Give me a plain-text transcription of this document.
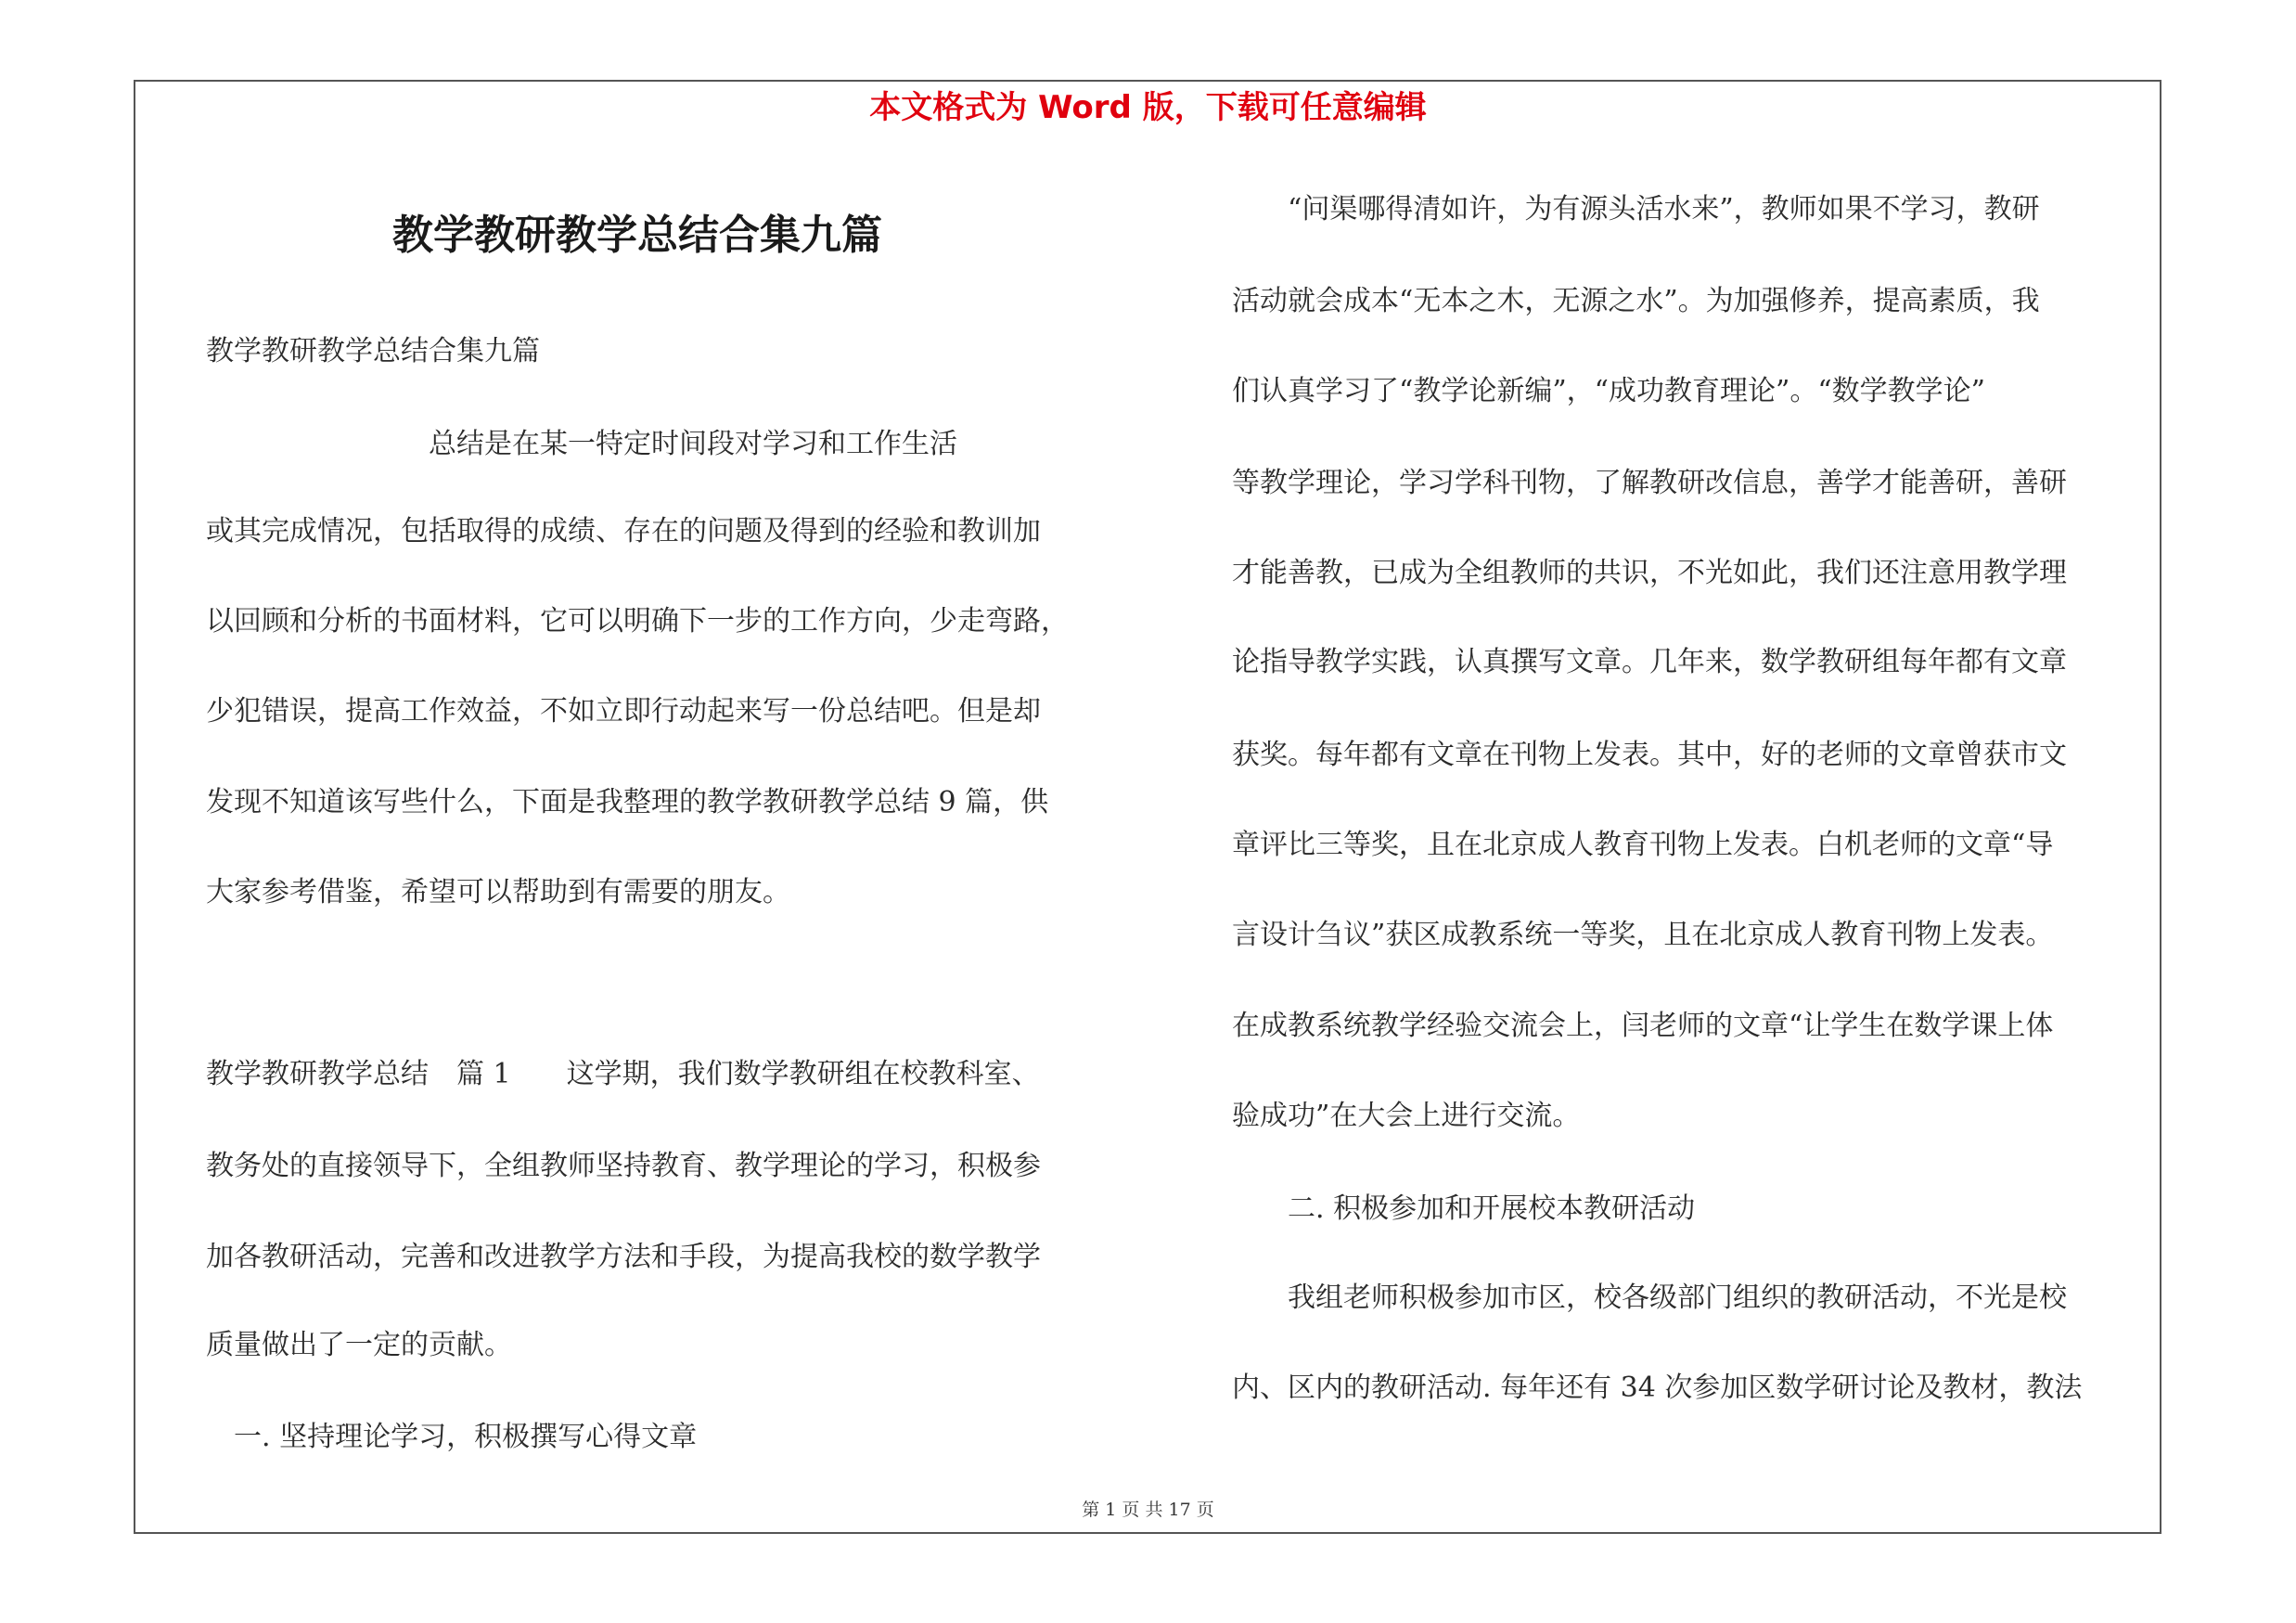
本文格式为 Word 版，下载可任意编辑
教学教研教学总结合集九篇
教学教研教学总结合集九篇
　　　　　　　　总结是在某一特定时间段对学习和工作生活
或其完成情况，包括取得的成绩、存在的问题及得到的经验和教训加
以回顾和分析的书面材料，它可以明确下一步的工作方向，少走弯路，
少犯错误，提高工作效益，不如立即行动起来写一份总结吧。但是却
发现不知道该写些什么，下面是我整理的教学教研教学总结 9 篇，供
大家参考借鉴，希望可以帮助到有需要的朋友。
教学教研教学总结　篇 1　　这学期，我们数学教研组在校教科室、
教务处的直接领导下，全组教师坚持教育、教学理论的学习，积极参
加各教研活动，完善和改进教学方法和手段，为提高我校的数学教学
质量做出了一定的贡献。
　一. 坚持理论学习，积极撰写心得文章
　　“问渠哪得清如许，为有源头活水来”，教师如果不学习，教研
活动就会成本“无本之木，无源之水”。为加强修养，提高素质，我
们认真学习了“教学论新编”，“成功教育理论”。“数学教学论”
等教学理论，学习学科刊物，了解教研改信息，善学才能善研，善研
才能善教，已成为全组教师的共识，不光如此，我们还注意用教学理
论指导教学实践，认真撰写文章。几年来，数学教研组每年都有文章
获奖。每年都有文章在刊物上发表。其中，好的老师的文章曾获市文
章评比三等奖，且在北京成人教育刊物上发表。白机老师的文章“导
言设计刍议”获区成教系统一等奖，且在北京成人教育刊物上发表。
在成教系统教学经验交流会上，闫老师的文章“让学生在数学课上体
验成功”在大会上进行交流。
　　二. 积极参加和开展校本教研活动
　　我组老师积极参加市区，校各级部门组织的教研活动，不光是校
内、区内的教研活动. 每年还有 34 次参加区数学研讨论及教材，教法
第 1 页 共 17 页
